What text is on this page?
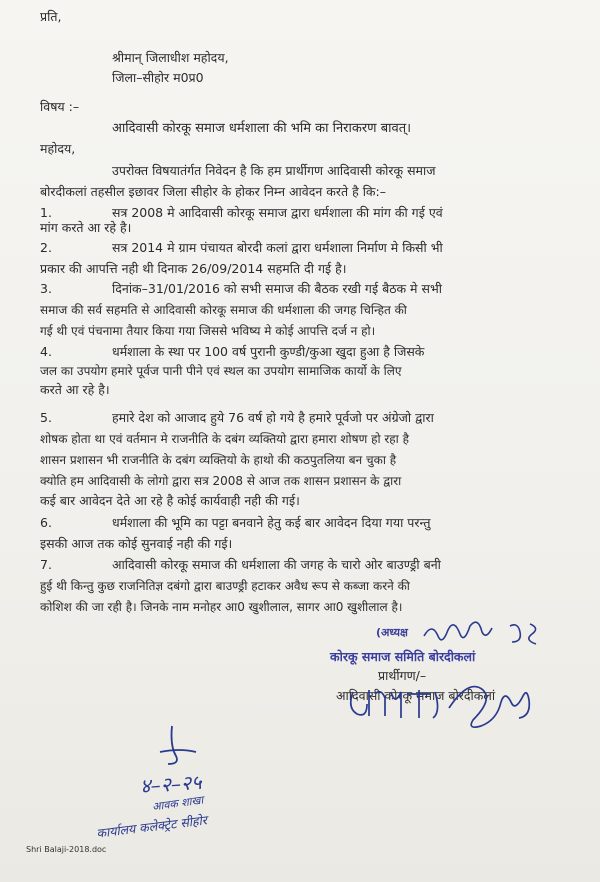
प्रति,
श्रीमान् जिलाधीश महोदय,
जिला–सीहोर म0प्र0
विषय :–
आदिवासी कोरकू समाज धर्मशाला की भमि का निराकरण बावत्।
महोदय,
उपरोक्त विषयातंर्गत निवेदन है कि हम प्रार्थीगण आदिवासी कोरकू समाज
बोरदीकलां तहसील इछावर जिला सीहोर के होकर निम्न आवेदन करते है कि:–
1.	सत्र 2008 मे आदिवासी कोरकू समाज द्वारा धर्मशाला की मांग की गई एवं
मांग करते आ रहे है।
2.	सत्र 2014 मे ग्राम पंचायत बोरदी कलां द्वारा धर्मशाला निर्माण मे किसी भी
प्रकार की आपत्ति नही थी दिनाक 26/09/2014 सहमति दी गई है।
3.	दिनांक–31/01/2016 को सभी समाज की बैठक रखी गई बैठक मे सभी
समाज की सर्व सहमति से आदिवासी कोरकू समाज की धर्मशाला की जगह चिन्हित की
गई थी एवं पंचनामा तैयार किया गया जिससे भविष्य मे कोई आपत्ति दर्ज न हो।
4.	धर्मशाला के स्था पर 100 वर्ष पुरानी कुण्डी/कुआ खुदा हुआ है जिसके
जल का उपयोग हमारे पूर्वज पानी पीने एवं स्थल का उपयोग सामाजिक कार्यो के लिए
करते आ रहे है।
5.	हमारे देश को आजाद हुये 76 वर्ष हो गये है हमारे पूर्वजो पर अंग्रेजो द्वारा
शोषक होता था एवं वर्तमान मे राजनीति के दबंग व्यक्तियो द्वारा हमारा शोषण हो रहा है
शासन प्रशासन भी राजनीति के दबंग व्यक्तियो के हाथो की कठपुतलिया बन चुका है
क्योति हम आदिवासी के लोगो द्वारा सत्र 2008 से आज तक शासन प्रशासन के द्वारा
कई बार आवेदन देते आ रहे है कोई कार्यवाही नही की गई।
6.	धर्मशाला की भूमि का पट्टा बनवाने हेतु कई बार आवेदन दिया गया परन्तु
इसकी आज तक कोई सुनवाई नही की गई।
7.	आदिवासी कोरकू समाज की धर्मशाला की जगह के चारो ओर बाउण्ड्री बनी
हुई थी किन्तु कुछ राजनितिज्ञ दबंगो द्वारा बाउण्ड्री हटाकर अवैध रूप से कब्जा करने की
कोशिश की जा रही है। जिनके नाम मनोहर आ0 खुशीलाल, सागर आ0 खुशीलाल है।
(अध्यक्ष
कोरकू समाज समिति बोरदीकलां
प्रार्थीगण/–
आदिवासी कोरकू समाज बोरदीकलां
४–२–२५
आवक शाखा
कार्यालय कलेक्ट्रेट सीहोर
Shri Balaji-2018.doc
